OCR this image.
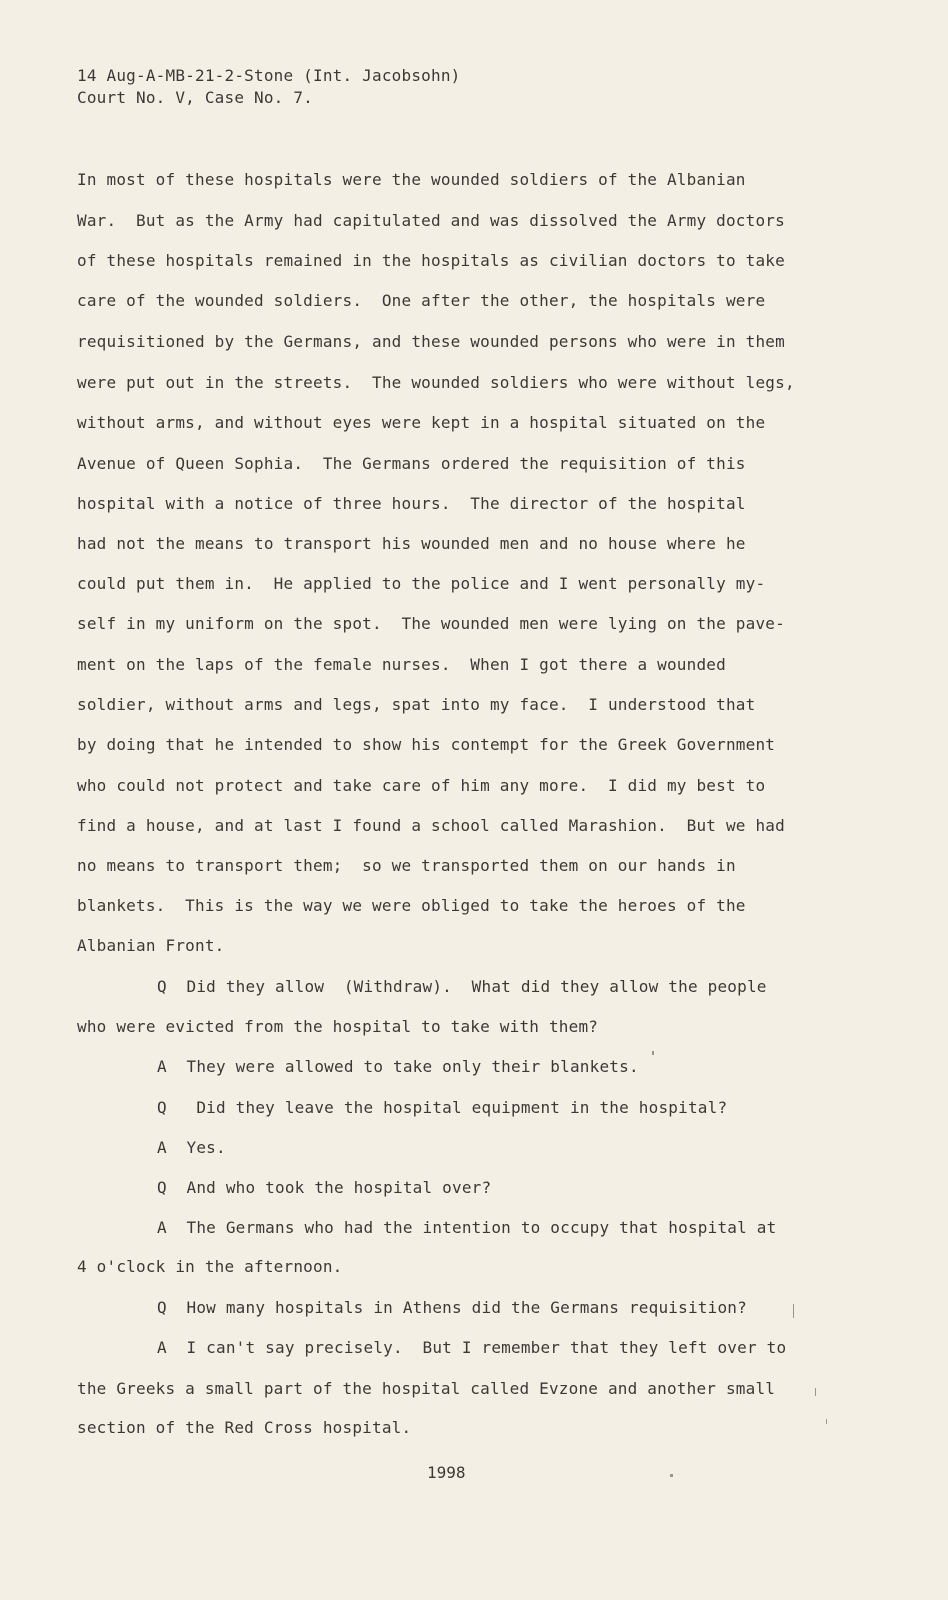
14 Aug-A-MB-21-2-Stone (Int. Jacobsohn)
Court No. V, Case No. 7.
In most of these hospitals were the wounded soldiers of the Albanian
War.  But as the Army had capitulated and was dissolved the Army doctors
of these hospitals remained in the hospitals as civilian doctors to take
care of the wounded soldiers.  One after the other, the hospitals were
requisitioned by the Germans, and these wounded persons who were in them
were put out in the streets.  The wounded soldiers who were without legs,
without arms, and without eyes were kept in a hospital situated on the
Avenue of Queen Sophia.  The Germans ordered the requisition of this
hospital with a notice of three hours.  The director of the hospital
had not the means to transport his wounded men and no house where he
could put them in.  He applied to the police and I went personally my-
self in my uniform on the spot.  The wounded men were lying on the pave-
ment on the laps of the female nurses.  When I got there a wounded
soldier, without arms and legs, spat into my face.  I understood that
by doing that he intended to show his contempt for the Greek Government
who could not protect and take care of him any more.  I did my best to
find a house, and at last I found a school called Marashion.  But we had
no means to transport them;  so we transported them on our hands in
blankets.  This is the way we were obliged to take the heroes of the
Albanian Front.
Q  Did they allow  (Withdraw).  What did they allow the people
who were evicted from the hospital to take with them?
A  They were allowed to take only their blankets.
Q   Did they leave the hospital equipment in the hospital?
A  Yes.
Q  And who took the hospital over?
A  The Germans who had the intention to occupy that hospital at
4 o'clock in the afternoon.
Q  How many hospitals in Athens did the Germans requisition?
A  I can't say precisely.  But I remember that they left over to
the Greeks a small part of the hospital called Evzone and another small
section of the Red Cross hospital.
1998
